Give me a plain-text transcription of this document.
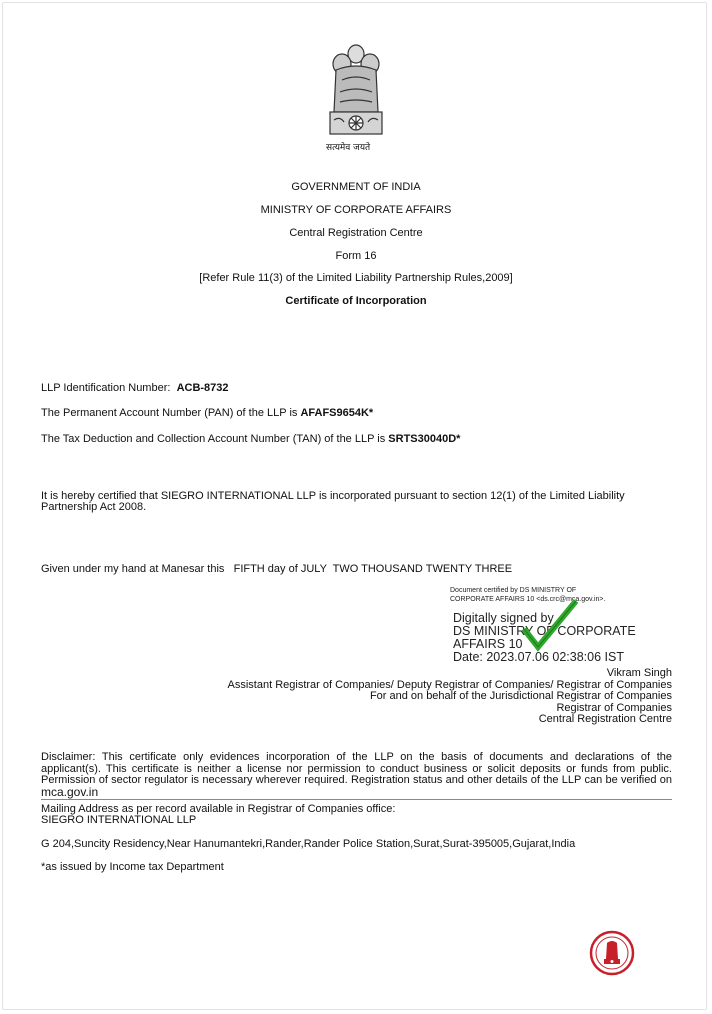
सत्यमेव जयते
GOVERNMENT OF INDIA
MINISTRY OF CORPORATE AFFAIRS
Central Registration Centre
Form 16
[Refer Rule 11(3) of the Limited Liability Partnership Rules,2009]
Certificate of Incorporation
LLP Identification Number: ACB-8732
The Permanent Account Number (PAN) of the LLP is AFAFS9654K*
The Tax Deduction and Collection Account Number (TAN) of the LLP is SRTS30040D*
It is hereby certified that SIEGRO INTERNATIONAL LLP is incorporated pursuant to section 12(1) of the Limited Liability
Partnership Act 2008.
Given under my hand at Manesar this   FIFTH day of JULY  TWO THOUSAND TWENTY THREE
Document certified by DS MINISTRY OF
CORPORATE AFFAIRS 10 <ds.crc@mca.gov.in>.
Digitally signed by
DS MINISTRY OF CORPORATE
AFFAIRS 10
Date: 2023.07.06 02:38:06 IST
Vikram Singh
Assistant Registrar of Companies/ Deputy Registrar of Companies/ Registrar of Companies
For and on behalf of the Jurisdictional Registrar of Companies
Registrar of Companies
Central Registration Centre
Disclaimer: This certificate only evidences incorporation of the LLP on the basis of documents and declarations of the applicant(s). This certificate is neither a license nor permission to conduct business or solicit deposits or funds from public. Permission of sector regulator is necessary wherever required. Registration status and other details of the LLP can be verified on mca.gov.in
Mailing Address as per record available in Registrar of Companies office:
SIEGRO INTERNATIONAL LLP
G 204,Suncity Residency,Near Hanumantekri,Rander,Rander Police Station,Surat,Surat-395005,Gujarat,India
*as issued by Income tax Department
